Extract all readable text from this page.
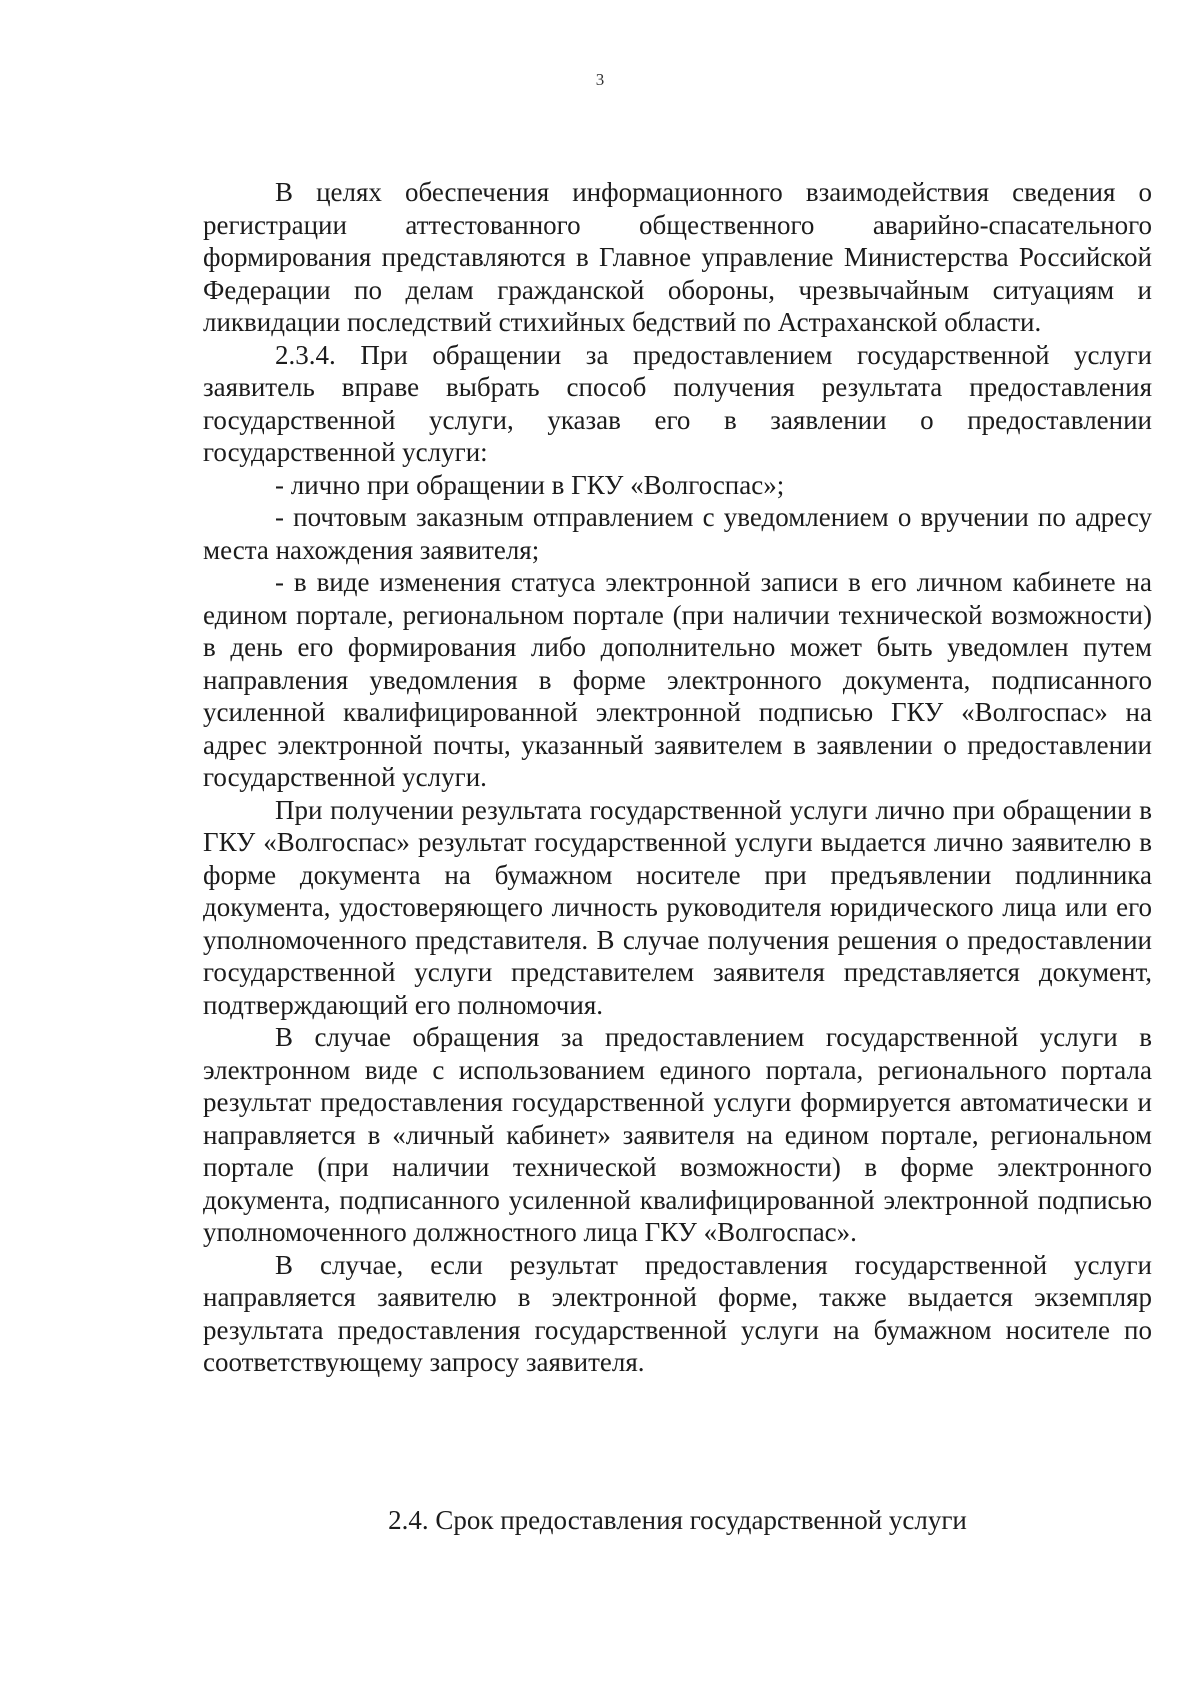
3

В целях обеспечения информационного взаимодействия сведения о регистрации аттестованного общественного аварийно-спасательного формирования представляются в Главное управление Министерства Российской Федерации по делам гражданской обороны, чрезвычайным ситуациям и ликвидации последствий стихийных бедствий по Астраханской области.

2.3.4. При обращении за предоставлением государственной услуги заявитель вправе выбрать способ получения результата предоставления государственной услуги, указав его в заявлении о предоставлении государственной услуги:

- лично при обращении в ГКУ «Волгоспас»;

- почтовым заказным отправлением с уведомлением о вручении по адресу места нахождения заявителя;

- в виде изменения статуса электронной записи в его личном кабинете на едином портале, региональном портале (при наличии технической возможности) в день его формирования либо дополнительно может быть уведомлен путем направления уведомления в форме электронного документа, подписанного усиленной квалифицированной электронной подписью ГКУ «Волгоспас» на адрес электронной почты, указанный заявителем в заявлении о предоставлении государственной услуги.

При получении результата государственной услуги лично при обращении в ГКУ «Волгоспас» результат государственной услуги выдается лично заявителю в форме документа на бумажном носителе при предъявлении подлинника документа, удостоверяющего личность руководителя юридического лица или его уполномоченного представителя. В случае получения решения о предоставлении государственной услуги представителем заявителя представляется документ, подтверждающий его полномочия.

В случае обращения за предоставлением государственной услуги в электронном виде с использованием единого портала, регионального портала результат предоставления государственной услуги формируется автоматически и направляется в «личный кабинет» заявителя на едином портале, региональном портале (при наличии технической возможности) в форме электронного документа, подписанного усиленной квалифицированной электронной подписью уполномоченного должностного лица ГКУ «Волгоспас».

В случае, если результат предоставления государственной услуги направляется заявителю в электронной форме, также выдается экземпляр результата предоставления государственной услуги на бумажном носителе по соответствующему запросу заявителя.

2.4. Срок предоставления государственной услуги
